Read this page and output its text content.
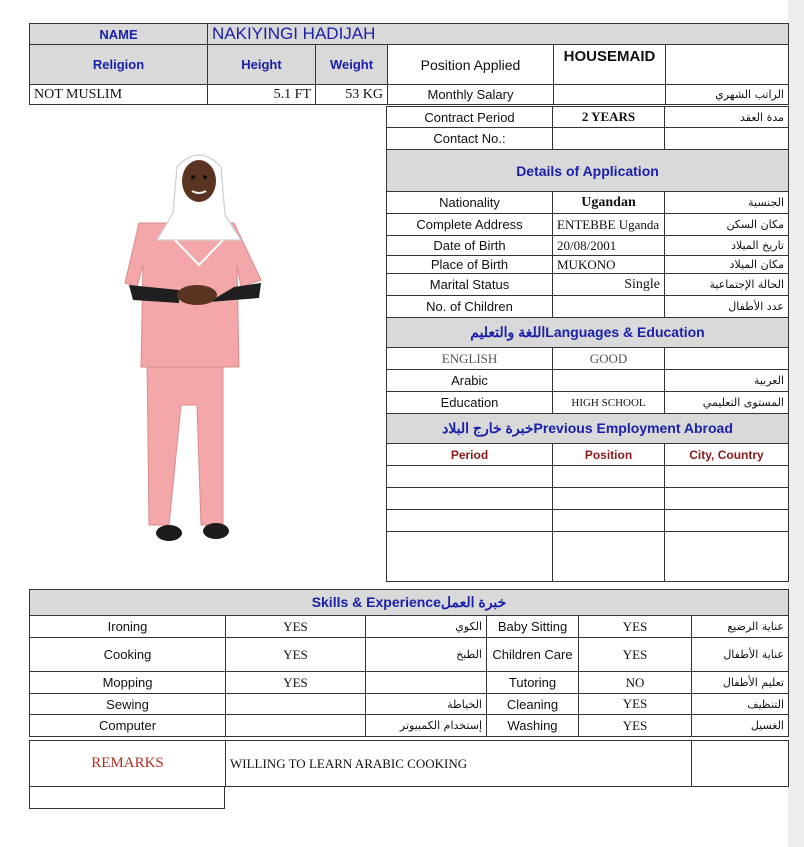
NAME	NAKIYINGI HADIJAH				
Religion	Height	Weight	Position Applied	HOUSEMAID	
NOT MUSLIM	5.1 FT	53 KG	Monthly Salary		الراتب الشهري
Contract Period	2 YEARS	مدة العقد
Contact No.:		
Details of Application		
Nationality	Ugandan	الجنسية
Complete Address	ENTEBBE Uganda	مكان السكن
Date of Birth	20/08/2001	تاريخ الميلاد
Place of Birth	MUKONO	مكان الميلاد
Marital Status	Single	الحالة الإجتماعية
No. of Children		عدد الأطفال
اللغة والتعليمLanguages & Education		
ENGLISH	GOOD	
Arabic		العربية
Education	HIGH SCHOOL	المستوى التعليمي
خبرة خارج البلادPrevious Employment Abroad		
Period	Position	City, Country

Skills & Experienceخبرة العمل					
Ironing	YES	الكوي	Baby Sitting	YES	عناية الرضيع
Cooking	YES	الطبخ	Children Care	YES	عناية الأطفال
Mopping	YES		Tutoring	NO	تعليم الأطفال
Sewing		الخياطة	Cleaning	YES	التنظيف
Computer		إستخدام الكمبيوتر	Washing	YES	الغسيل
REMARKS	WILLING TO LEARN ARABIC COOKING	
